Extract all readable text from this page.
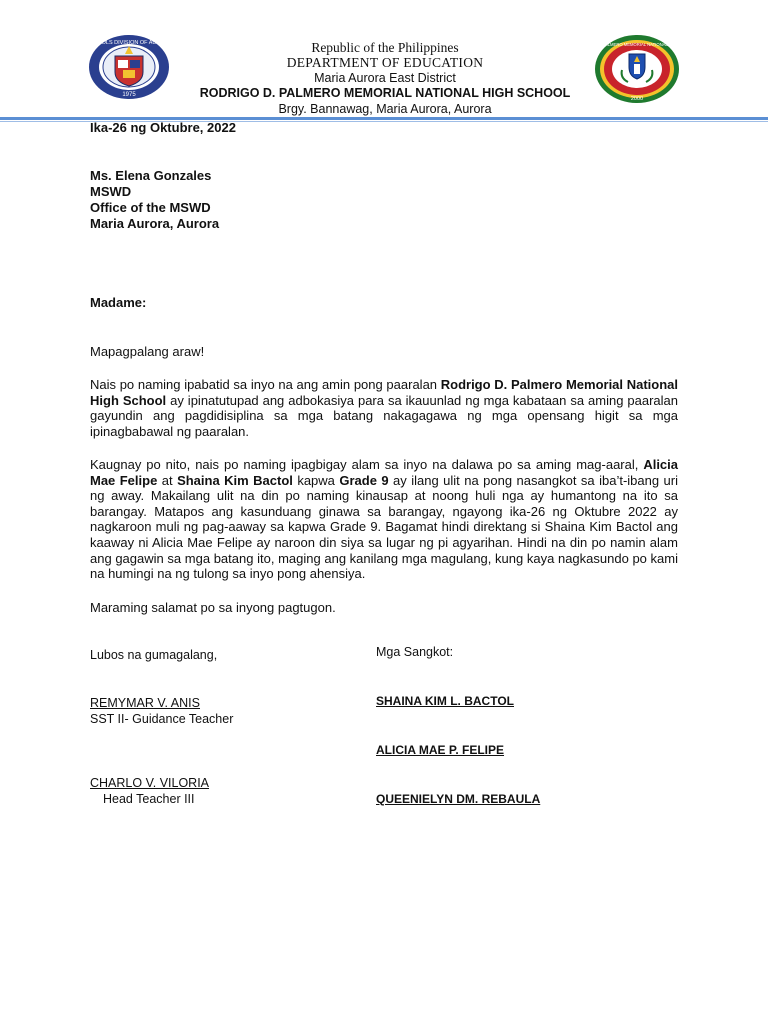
SCHOOLS DIVISION OF AURORA
1975
RODRIGO D. PALMERO MEMORIAL NATIONAL HIGH SCHOOL
2000
Republic of the Philippines
DEPARTMENT OF EDUCATION
Maria Aurora East District
RODRIGO D. PALMERO MEMORIAL NATIONAL HIGH SCHOOL
Brgy. Bannawag, Maria Aurora, Aurora
Ika-26 ng Oktubre, 2022
Ms. Elena Gonzales
MSWD
Office of the MSWD
Maria Aurora, Aurora
Madame:
Mapagpalang araw!
Nais po naming ipabatid sa inyo na ang amin pong paaralan Rodrigo D. Palmero Memorial National High School ay ipinatutupad ang adbokasiya para sa ikauunlad ng mga kabataan sa aming paaralan gayundin ang pagdidisiplina sa mga batang nakagagawa ng mga opensang higit sa mga ipinagbabawal ng paaralan.
Kaugnay po nito, nais po naming ipagbigay alam sa inyo na dalawa po sa aming mag-aaral, Alicia Mae Felipe at Shaina Kim Bactol kapwa Grade 9 ay ilang ulit na pong nasangkot sa iba’t-ibang uri ng away. Makailang ulit na din po naming kinausap at noong huli nga ay humantong na ito sa barangay. Matapos ang kasunduang ginawa sa barangay, ngayong ika-26 ng Oktubre 2022 ay nagkaroon muli ng pag-aaway sa kapwa Grade 9. Bagamat hindi direktang si Shaina Kim Bactol ang kaaway ni Alicia Mae Felipe ay naroon din siya sa lugar ng pi agyarihan. Hindi na din po namin alam ang gagawin sa mga batang ito, maging ang kanilang mga magulang, kung kaya nagkasundo po kami na humingi na ng tulong sa inyo pong ahensiya.
Maraming salamat po sa inyong pagtugon.
Lubos na gumagalang,	Mga Sangkot:
REMYMAR V. ANIS
SST II- Guidance Teacher
CHARLO V. VILORIA
Head Teacher III
SHAINA KIM L. BACTOL
ALICIA MAE P. FELIPE
QUEENIELYN DM. REBAULA
